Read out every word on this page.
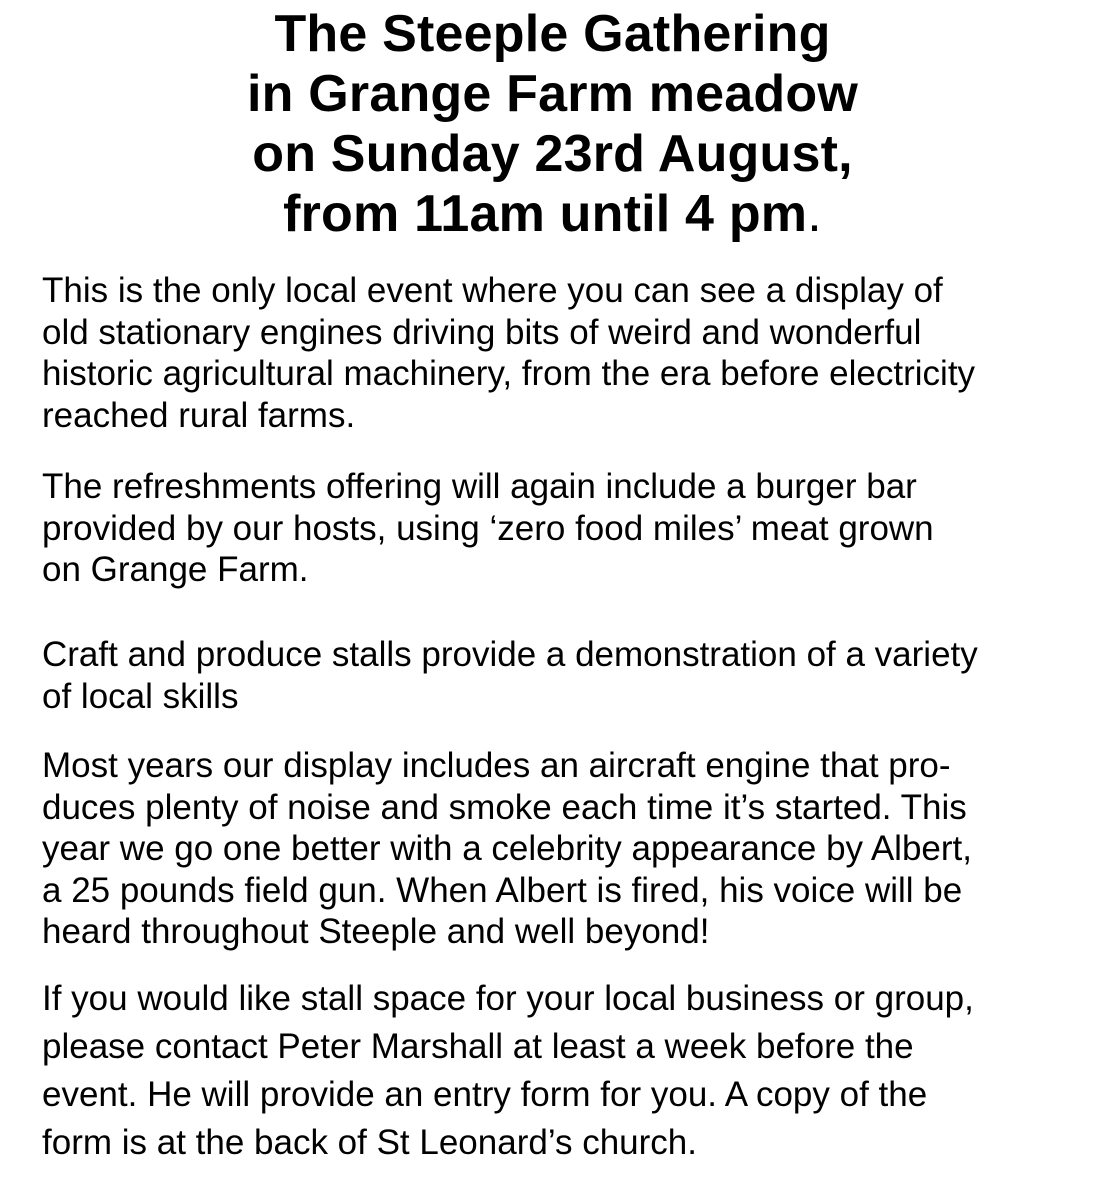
The Steeple Gathering
in Grange Farm meadow
on Sunday 23rd August,
from 11am until 4 pm.
This is the only local event where you can see a display of
old stationary engines driving bits of weird and wonderful
historic agricultural machinery, from the era before electricity
reached rural farms.
The refreshments offering will again include a burger bar
provided by our hosts, using ‘zero food miles’ meat grown
on Grange Farm.
Craft and produce stalls provide a demonstration of a variety
of local skills
Most years our display includes an aircraft engine that pro-
duces plenty of noise and smoke each time it’s started. This
year we go one better with a celebrity appearance by Albert,
a 25 pounds field gun. When Albert is fired, his voice will be
heard throughout Steeple and well beyond!
If you would like stall space for your local business or group,
please contact Peter Marshall at least a week before the
event. He will provide an entry form for you. A copy of the
form is at the back of St Leonard’s church.
